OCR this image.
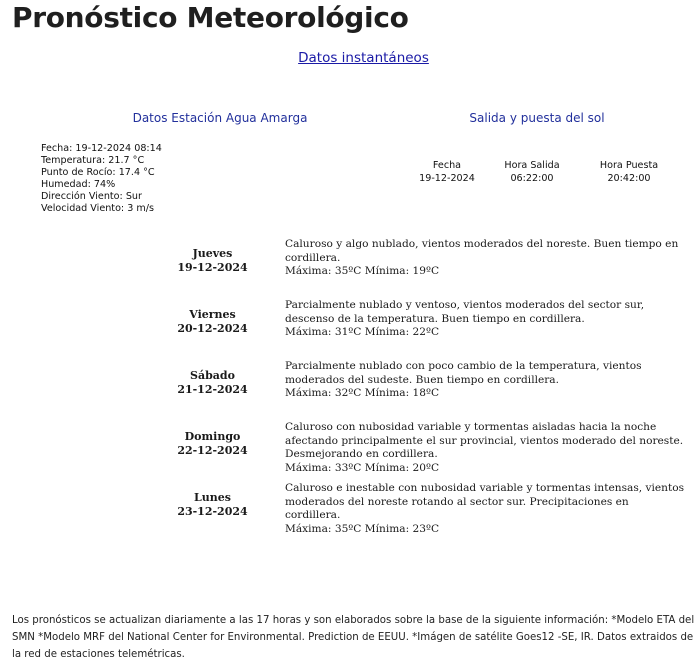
Pronóstico Meteorológico
Datos instantáneos
Datos Estación Agua Amarga	Salida y puesta del sol
Fecha: 19-12-2024 08:14
Temperatura: 21.7 °C
Punto de Rocío: 17.4 °C
Humedad: 74%
Dirección Viento: Sur
Velocidad Viento: 3 m/s
Fecha
19-12-2024
Hora Salida
06:22:00
Hora Puesta
20:42:00
Jueves
19-12-2024
Caluroso y algo nublado, vientos moderados del noreste. Buen tiempo en cordillera.
Máxima: 35ºC Mínima: 19ºC
Viernes
20-12-2024
Parcialmente nublado y ventoso, vientos moderados del sector sur, descenso de la temperatura. Buen tiempo en cordillera.
Máxima: 31ºC Mínima: 22ºC
Sábado
21-12-2024
Parcialmente nublado con poco cambio de la temperatura, vientos moderados del sudeste. Buen tiempo en cordillera.
Máxima: 32ºC Mínima: 18ºC
Domingo
22-12-2024
Caluroso con nubosidad variable y tormentas aisladas hacia la noche afectando principalmente el sur provincial, vientos moderado del noreste. Desmejorando en cordillera.
Máxima: 33ºC Mínima: 20ºC
Lunes
23-12-2024
Caluroso e inestable con nubosidad variable y tormentas intensas, vientos moderados del noreste rotando al sector sur. Precipitaciones en cordillera.
Máxima: 35ºC Mínima: 23ºC
Los pronósticos se actualizan diariamente a las 17 horas y son elaborados sobre la base de la siguiente información: *Modelo ETA del SMN *Modelo MRF del National Center for Environmental. Prediction de EEUU. *Imágen de satélite Goes12 -SE, IR. Datos extraidos de la red de estaciones telemétricas.
